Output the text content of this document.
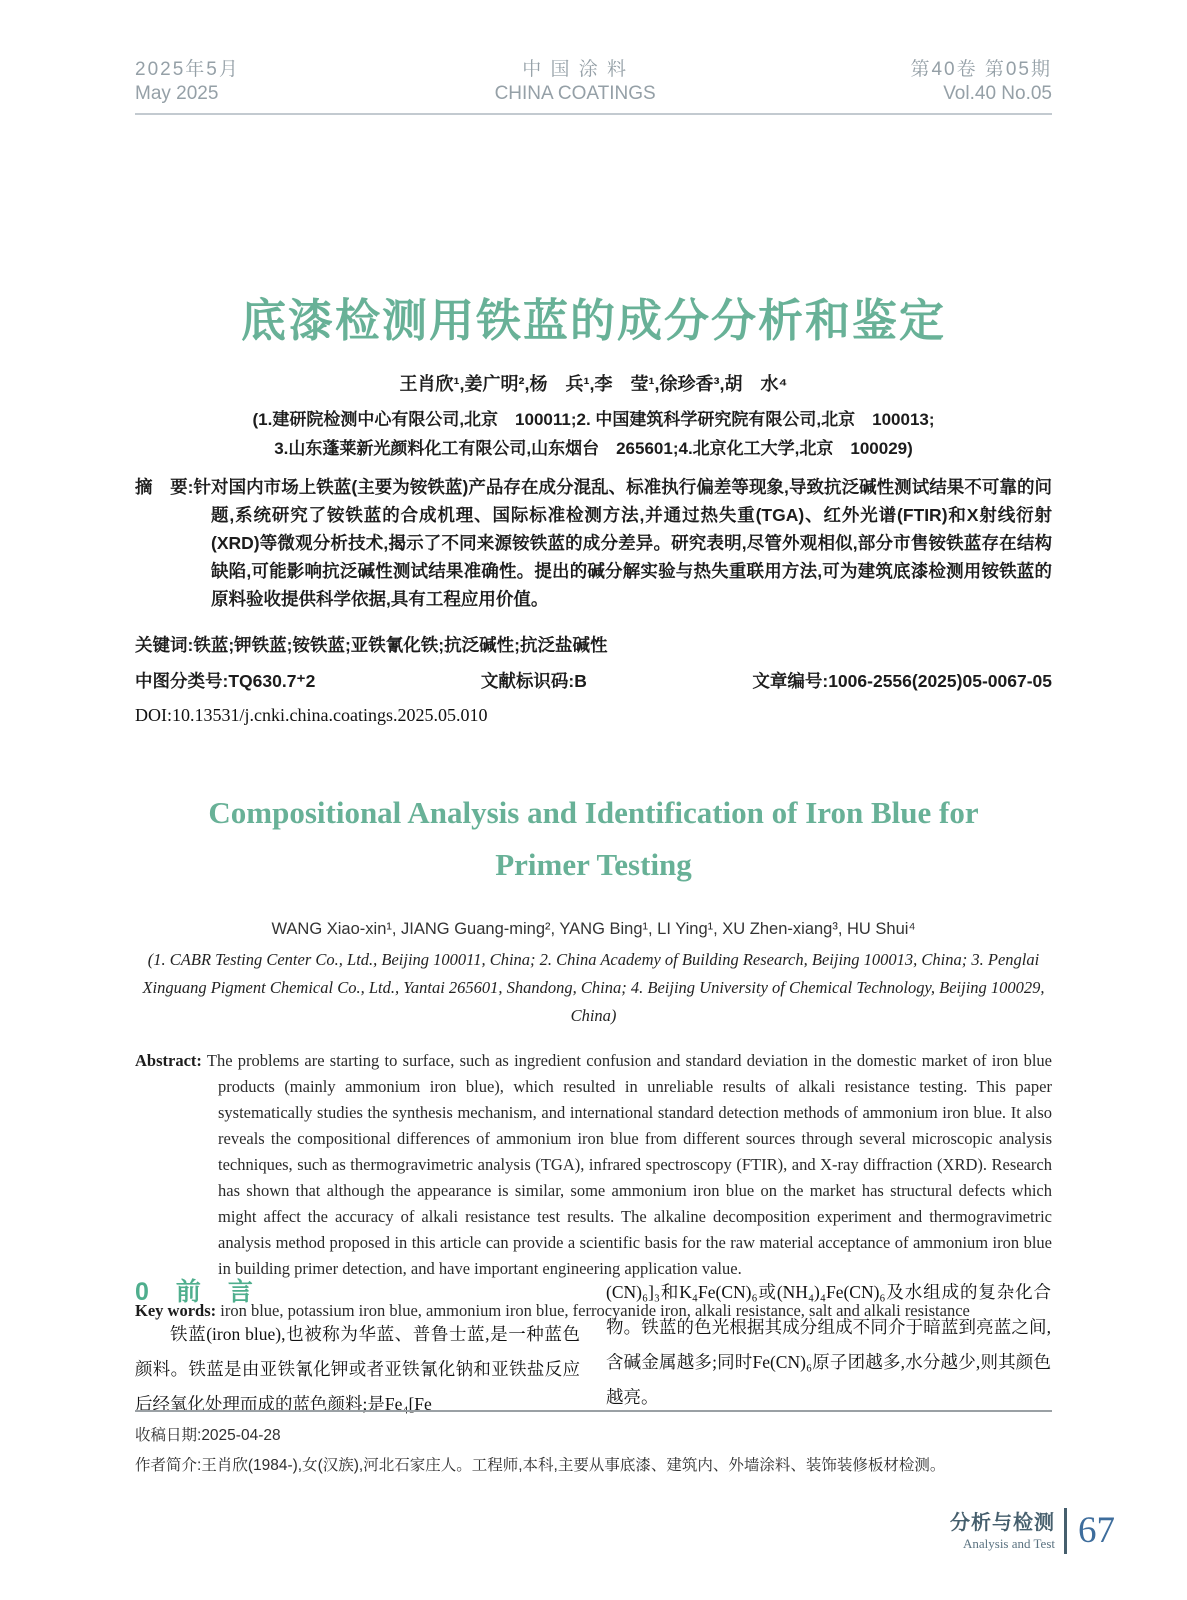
2025年5月
May 2025
中 国 涂 料
CHINA COATINGS
第40卷 第05期
Vol.40 No.05
底漆检测用铁蓝的成分分析和鉴定
王肖欣¹,姜广明²,杨　兵¹,李　莹¹,徐珍香³,胡　水⁴
(1.建研院检测中心有限公司,北京　100011;2. 中国建筑科学研究院有限公司,北京　100013;
3.山东蓬莱新光颜料化工有限公司,山东烟台　265601;4.北京化工大学,北京　100029)

摘　要:针对国内市场上铁蓝(主要为铵铁蓝)产品存在成分混乱、标准执行偏差等现象,导致抗泛碱性测试结果不可靠的问题,系统研究了铵铁蓝的合成机理、国际标准检测方法,并通过热失重(TGA)、红外光谱(FTIR)和X射线衍射(XRD)等微观分析技术,揭示了不同来源铵铁蓝的成分差异。研究表明,尽管外观相似,部分市售铵铁蓝存在结构缺陷,可能影响抗泛碱性测试结果准确性。提出的碱分解实验与热失重联用方法,可为建筑底漆检测用铵铁蓝的原料验收提供科学依据,具有工程应用价值。

关键词:铁蓝;钾铁蓝;铵铁蓝;亚铁氰化铁;抗泛碱性;抗泛盐碱性
中图分类号:TQ630.7⁺2	文献标识码:B	文章编号:1006-2556(2025)05-0067-05
DOI:10.13531/j.cnki.china.coatings.2025.05.010
Compositional Analysis and Identification of Iron Blue for
Primer Testing
WANG Xiao-xin¹, JIANG Guang-ming², YANG Bing¹, LI Ying¹, XU Zhen-xiang³, HU Shui⁴
(1. CABR Testing Center Co., Ltd., Beijing 100011, China; 2. China Academy of Building Research, Beijing 100013, China; 3. Penglai Xinguang Pigment Chemical Co., Ltd., Yantai 265601, Shandong, China; 4. Beijing University of Chemical Technology, Beijing 100029, China)

Abstract: The problems are starting to surface, such as ingredient confusion and standard deviation in the domestic market of iron blue products (mainly ammonium iron blue), which resulted in unreliable results of alkali resistance testing. This paper systematically studies the synthesis mechanism, and international standard detection methods of ammonium iron blue. It also reveals the compositional differences of ammonium iron blue from different sources through several microscopic analysis techniques, such as thermogravimetric analysis (TGA), infrared spectroscopy (FTIR), and X-ray diffraction (XRD). Research has shown that although the appearance is similar, some ammonium iron blue on the market has structural defects which might affect the accuracy of alkali resistance test results. The alkaline decomposition experiment and thermogravimetric analysis method proposed in this article can provide a scientific basis for the raw material acceptance of ammonium iron blue in building primer detection, and have important engineering application value.

Key words: iron blue, potassium iron blue, ammonium iron blue, ferrocyanide iron, alkali resistance, salt and alkali resistance
0　前　言

铁蓝(iron blue),也被称为华蓝、普鲁士蓝,是一种蓝色颜料。铁蓝是由亚铁氰化钾或者亚铁氰化钠和亚铁盐反应后经氧化处理而成的蓝色颜料;是Fe₄[Fe

(CN)₆]₃和K₄Fe(CN)₆或(NH₄)₄Fe(CN)₆及水组成的复杂化合物。铁蓝的色光根据其成分组成不同介于暗蓝到亮蓝之间,含碱金属越多;同时Fe(CN)₆原子团越多,水分越少,则其颜色越亮。

收稿日期:2025-04-28
作者简介:王肖欣(1984-),女(汉族),河北石家庄人。工程师,本科,主要从事底漆、建筑内、外墙涂料、装饰装修板材检测。
分析与检测
Analysis and Test 67
